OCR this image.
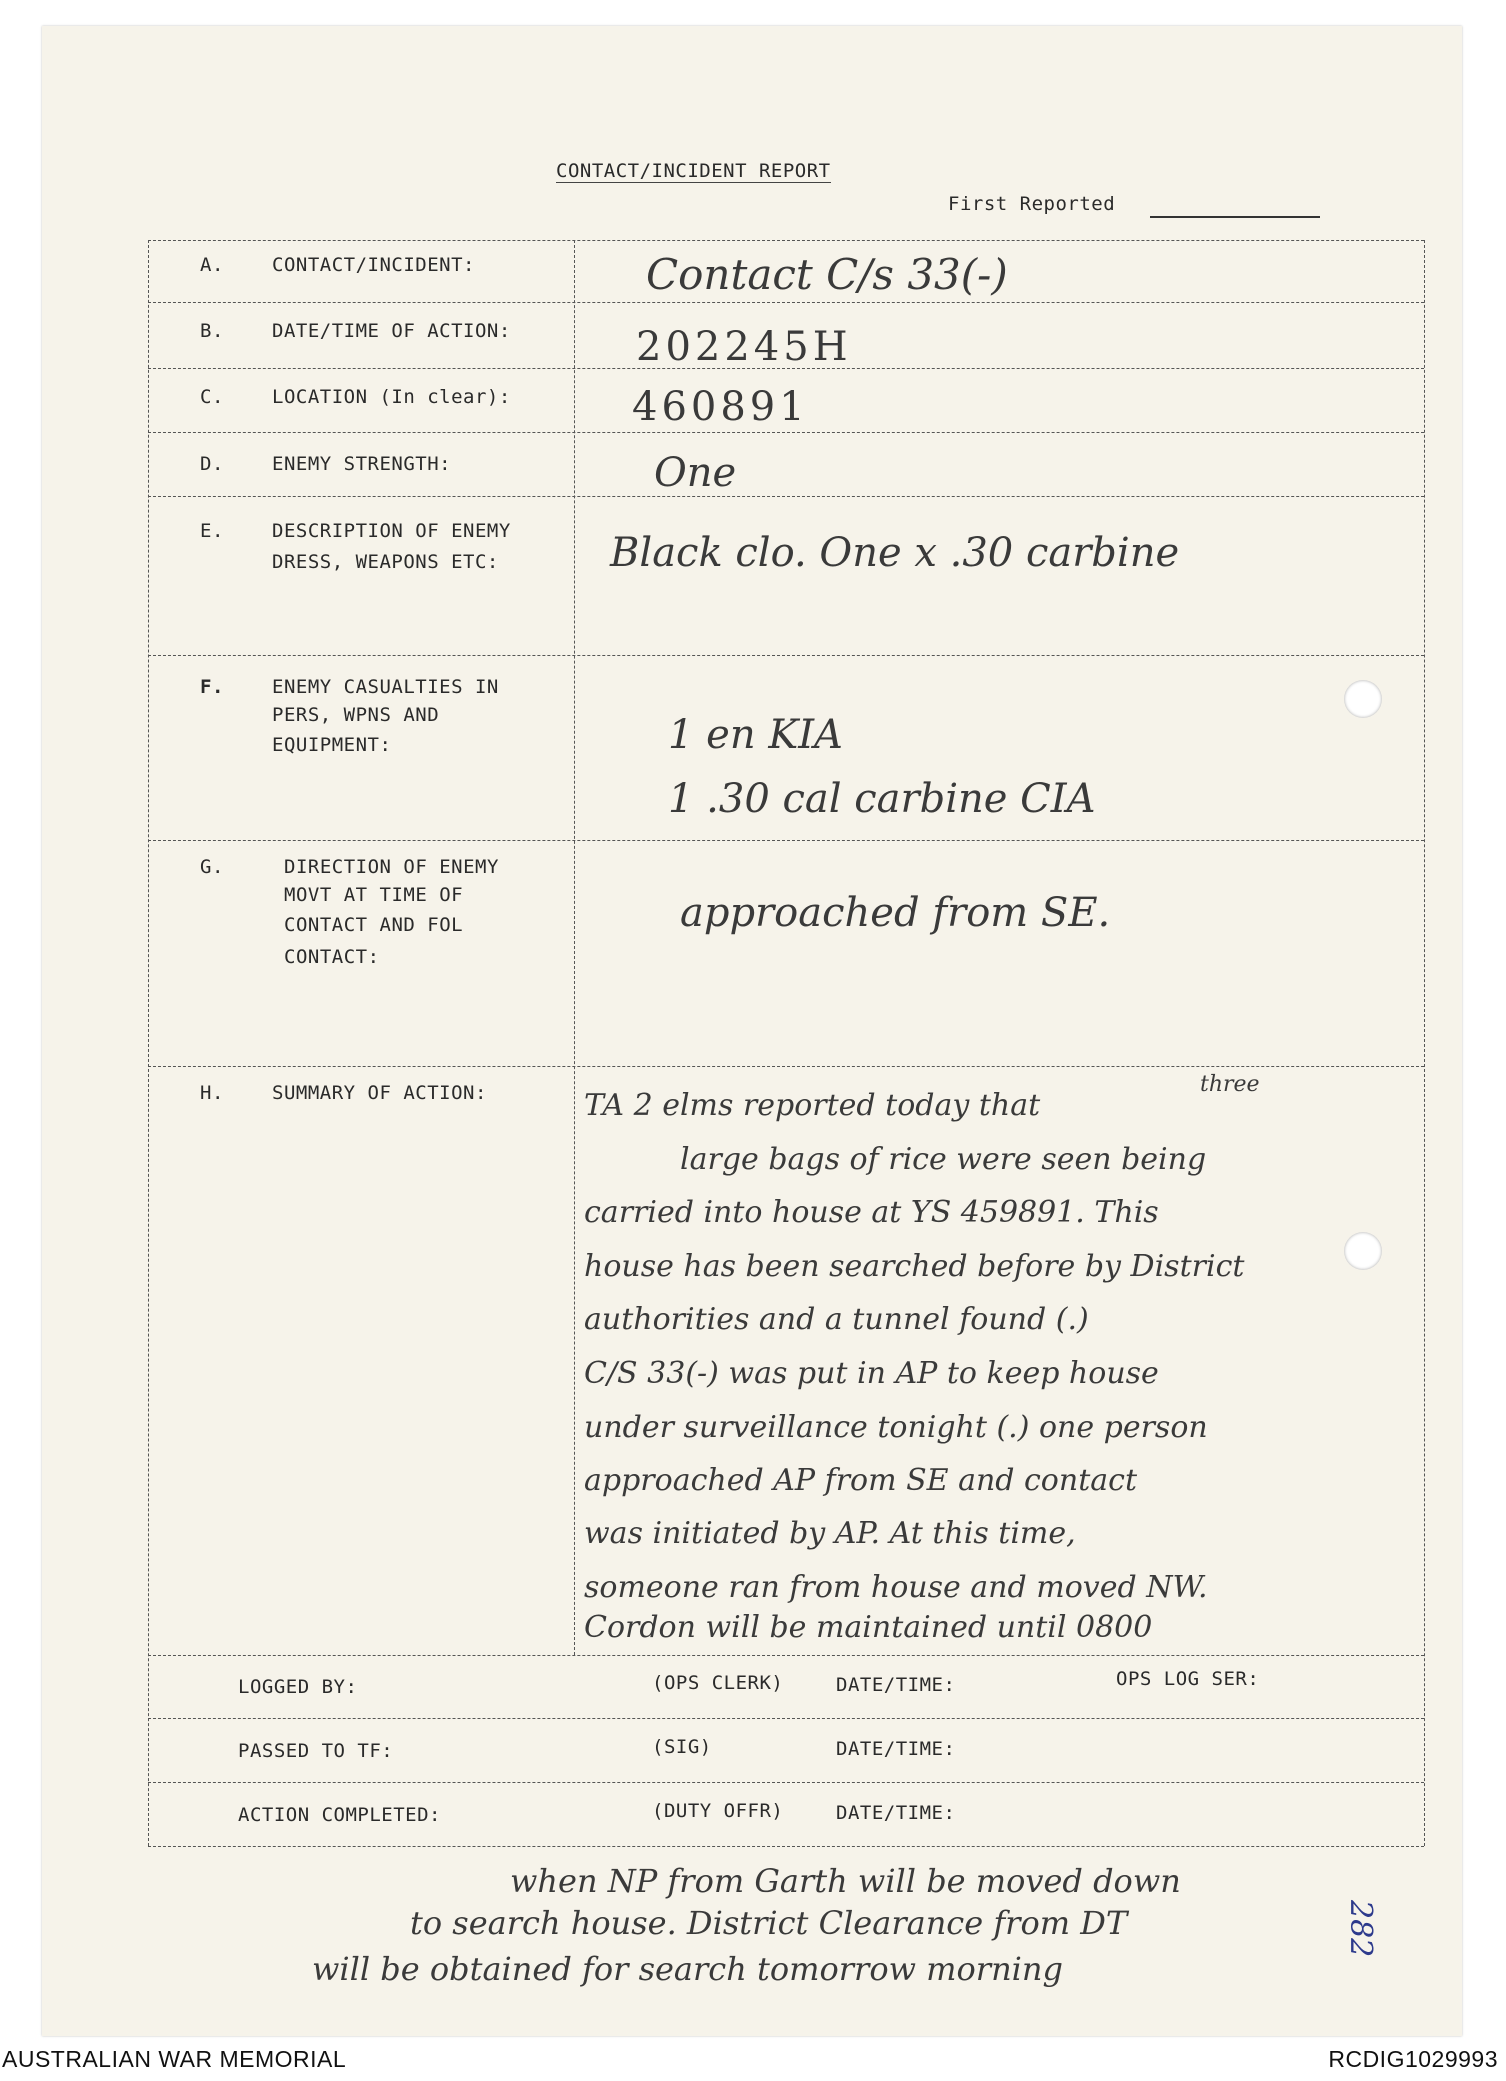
CONTACT/INCIDENT REPORT
First Reported
A.	CONTACT/INCIDENT:	Contact C/s 33(-)
B.	DATE/TIME OF ACTION:	202245H
C.	LOCATION (In clear):	460891
D.	ENEMY STRENGTH:	One
E.	DESCRIPTION OF ENEMY
DRESS, WEAPONS ETC:	Black clo. One x .30 carbine
F.	ENEMY CASUALTIES IN
PERS, WPNS AND
EQUIPMENT:	1 en KIA
1 .30 cal carbine CIA
G.	DIRECTION OF ENEMY
MOVT AT TIME OF
CONTACT AND FOL
CONTACT:
approached from SE.
H.	SUMMARY OF ACTION:	three
TA 2 elms reported today that
large bags of rice were seen being
carried into house at YS 459891. This
house has been searched before by District
authorities and a tunnel found (.)
C/S 33(-) was put in AP to keep house
under surveillance tonight (.) one person
approached AP from SE and contact
was initiated by AP. At this time,
someone ran from house and moved NW.
Cordon will be maintained until 0800
LOGGED BY:	(OPS CLERK)	DATE/TIME:	OPS LOG SER:
PASSED TO TF:	(SIG)	DATE/TIME:
ACTION COMPLETED:	(DUTY OFFR)	DATE/TIME:
when NP from Garth will be moved down
to search house. District Clearance from DT
will be obtained for search tomorrow morning
282
AUSTRALIAN WAR MEMORIAL	RCDIG1029993
